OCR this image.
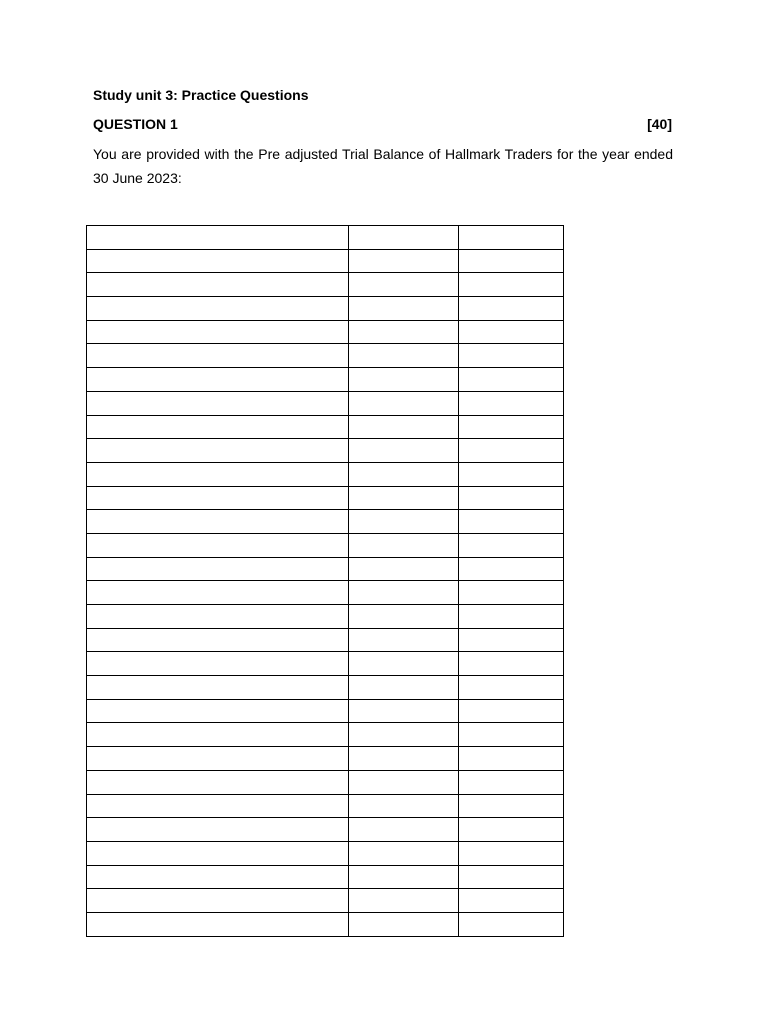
Study unit 3: Practice Questions
QUESTION 1	[40]
You are provided with the Pre adjusted Trial Balance of Hallmark Traders for the year ended 30 June 2023:
